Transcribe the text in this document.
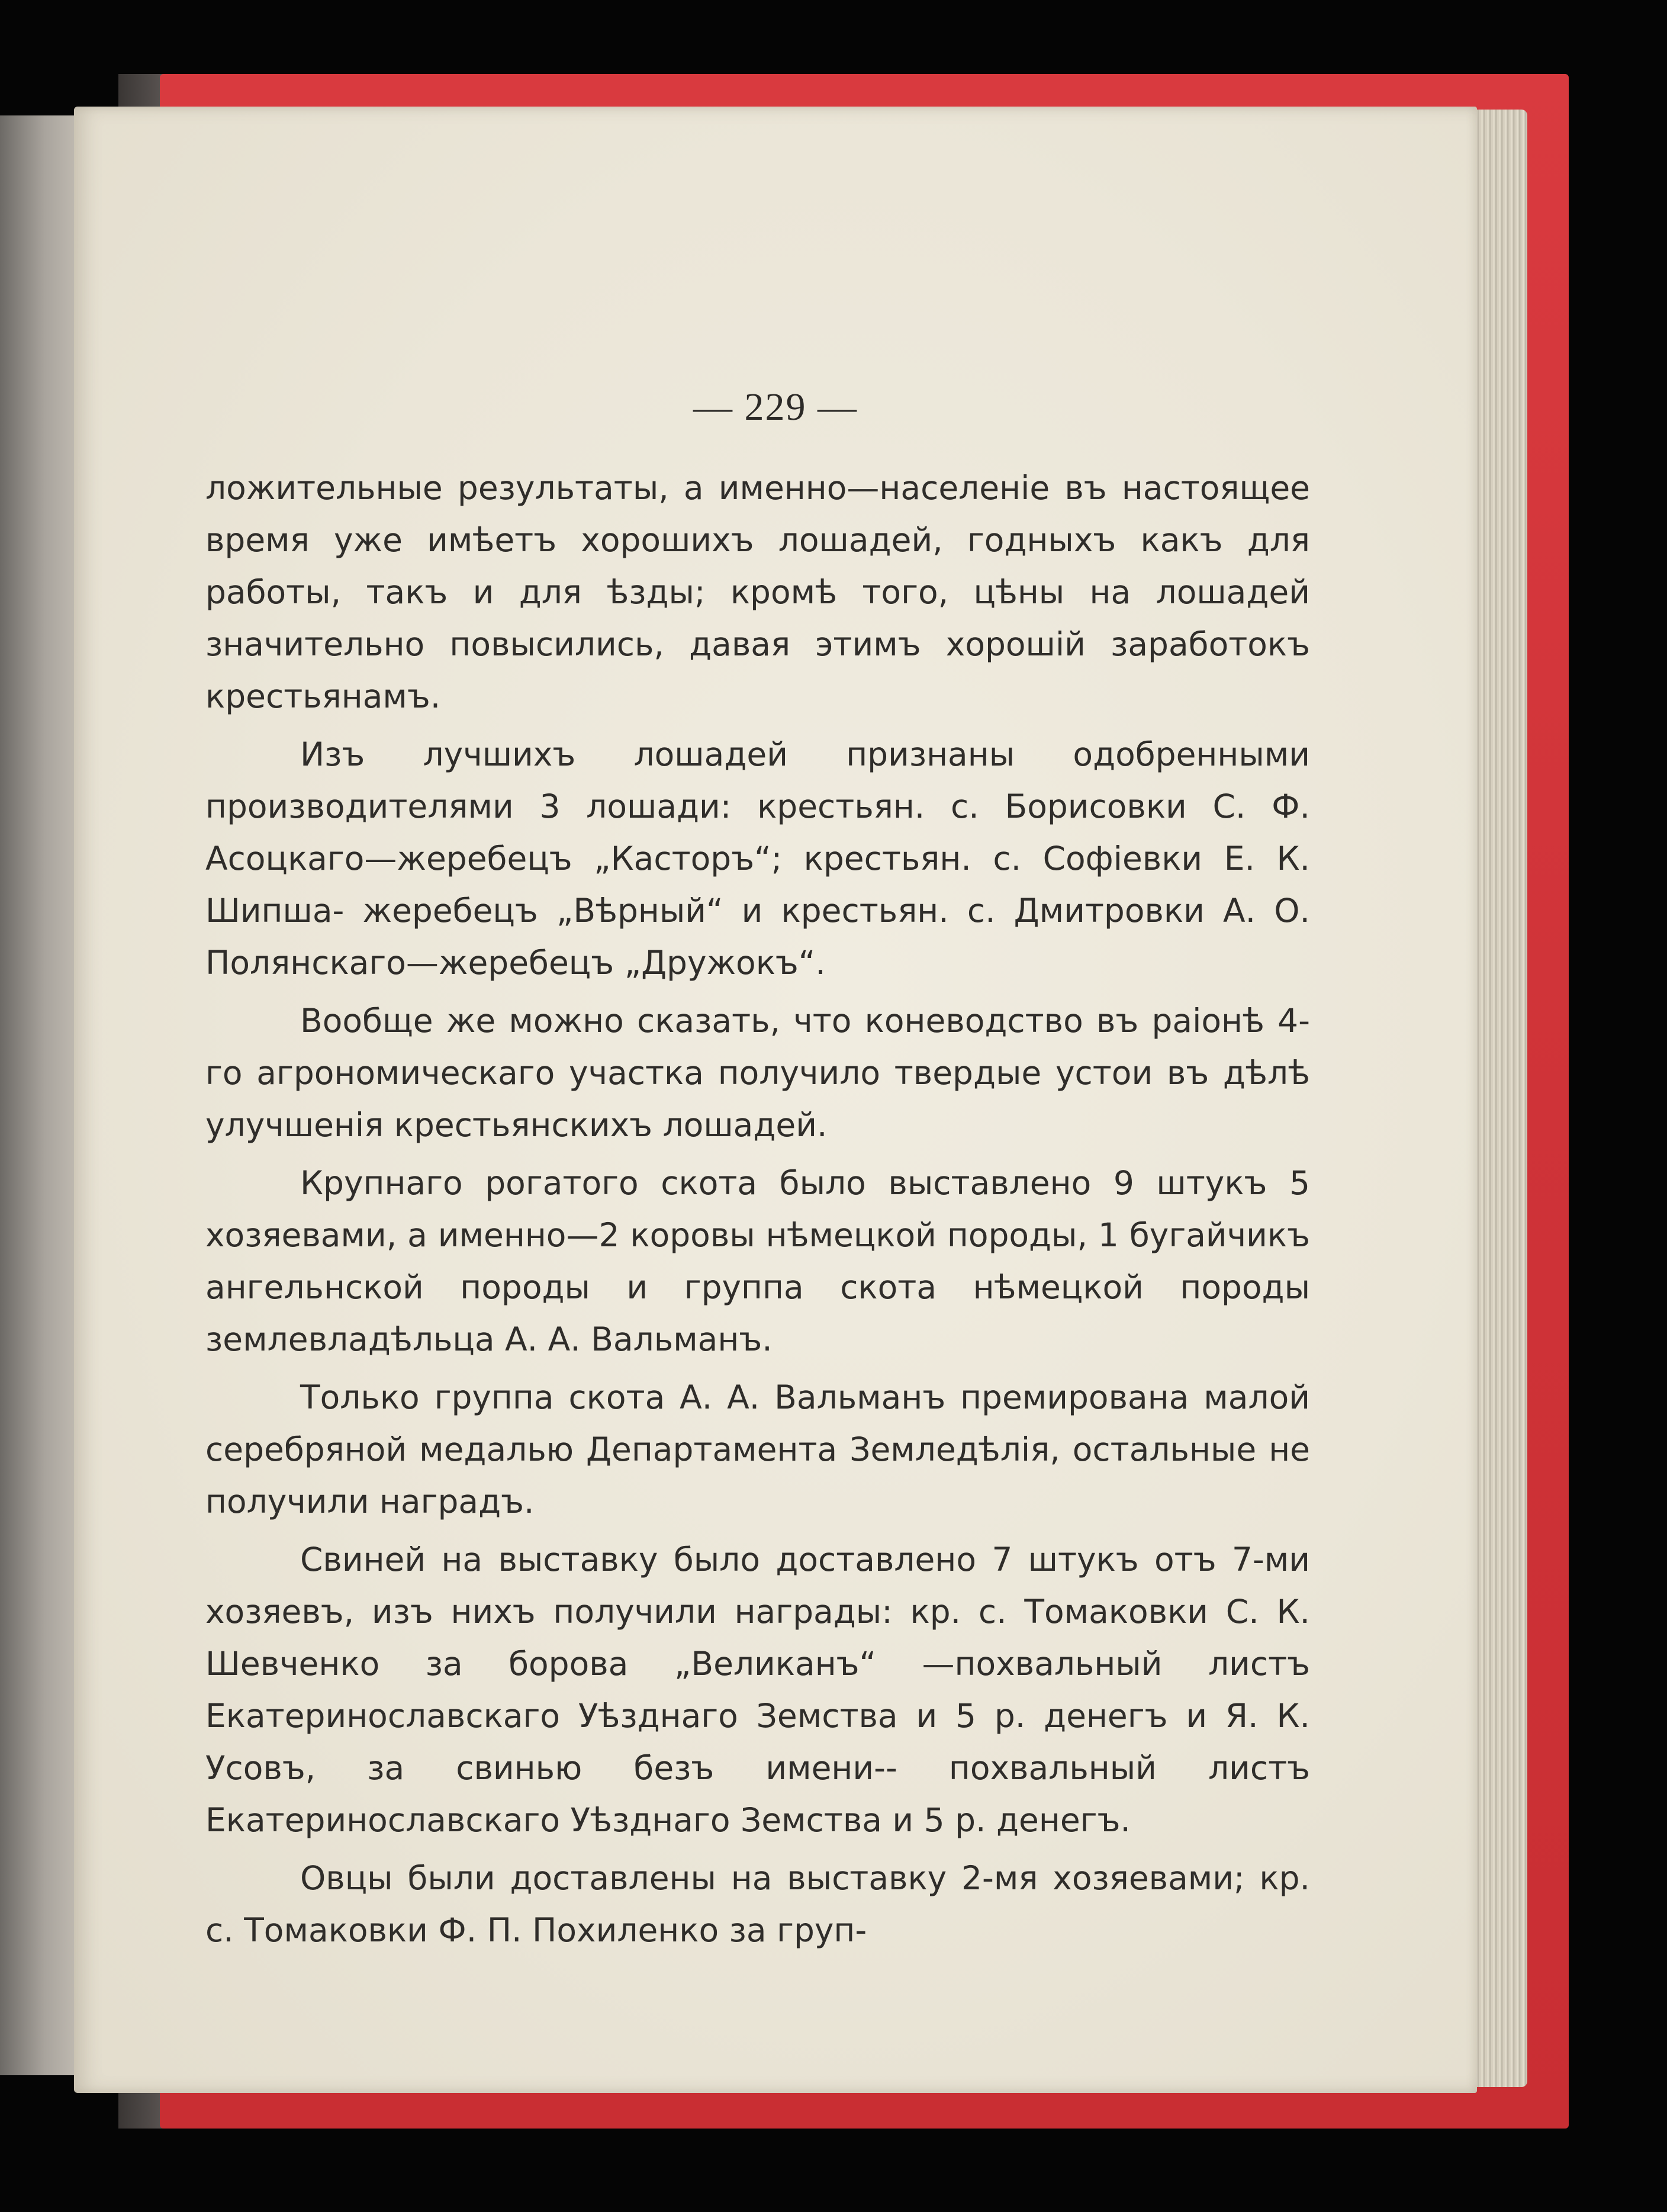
— 229 —

ложительные результаты, а именно—населенiе въ настоящее время уже имѣетъ хорошихъ лошадей, годныхъ какъ для работы, такъ и для ѣзды; кромѣ того, цѣны на лошадей значительно повысились, давая этимъ хорошiй заработокъ крестьянамъ.

Изъ лучшихъ лошадей признаны одобренными производителями 3 лошади: крестьян. с. Борисовки С. Ф. Асоцкаго—жеребецъ „Касторъ“; крестьян. с. Софiевки Е. К. Шипша- жеребецъ „Вѣрный“ и крестьян. с. Дмитровки А. О. Полянскаго—жеребецъ „Дружокъ“.

Вообще же можно сказать, что коневодство въ раiонѣ 4-го агрономическаго участка получило твердые устои въ дѣлѣ улучшенiя крестьянскихъ лошадей.

Крупнаго рогатого скота было выставлено 9 штукъ 5 хозяевами, а именно—2 коровы нѣмецкой породы, 1 бугайчикъ ангельнской породы и группа скота нѣмецкой породы землевладѣльца А. А. Вальманъ.

Только группа скота А. А. Вальманъ премирована малой серебряной медалью Департамента Земледѣлiя, остальные не получили наградъ.

Свиней на выставку было доставлено 7 штукъ отъ 7-ми хозяевъ, изъ нихъ получили награды: кр. с. Томаковки С. К. Шевченко за борова „Великанъ“ —похвальный листъ Екатеринославскаго Уѣзднаго Земства и 5 р. денегъ и Я. К. Усовъ, за свинью безъ имени-- похвальный листъ Екатеринославскаго Уѣзднаго Земства и 5 р. денегъ.

Овцы были доставлены на выставку 2-мя хозяевами; кр. с. Томаковки Ф. П. Похиленко за груп-
